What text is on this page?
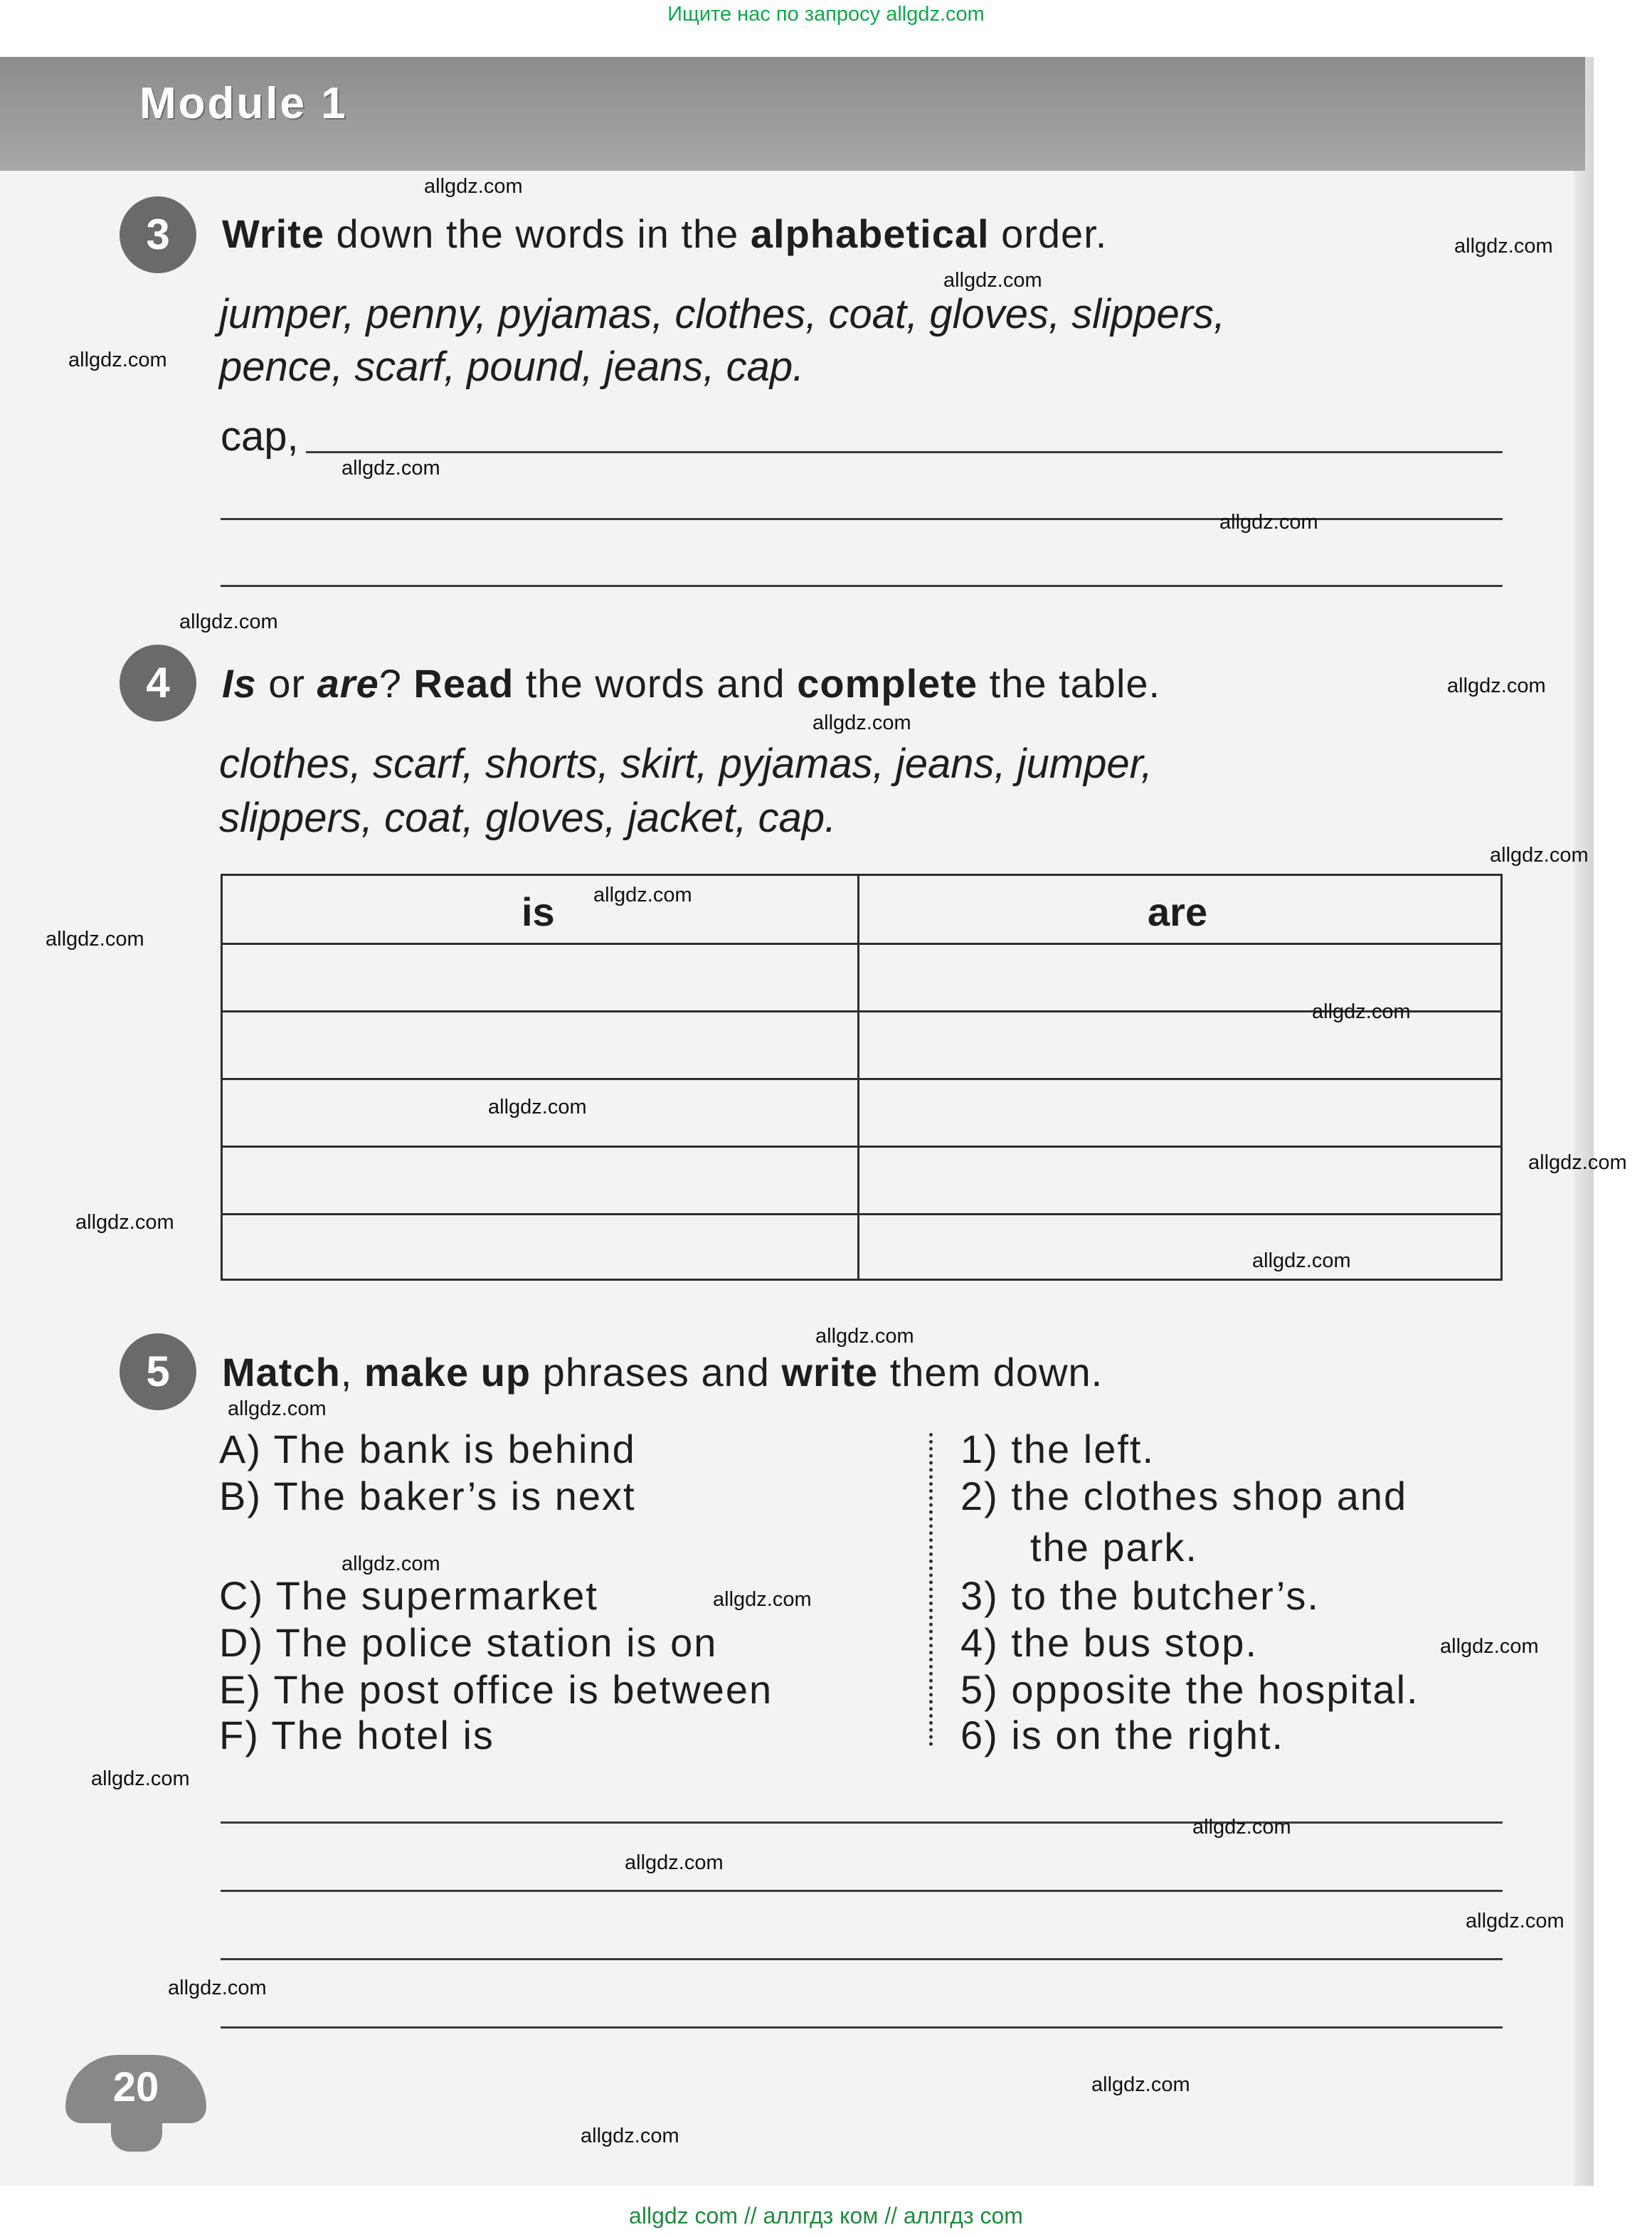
Ищите нас по запросу allgdz.com
Module 1
3	Write down the words in the alphabetical order.
jumper, penny, pyjamas, clothes, coat, gloves, slippers,
pence, scarf, pound, jeans, cap.
cap,
4	Is or are? Read the words and complete the table.
clothes, scarf, shorts, skirt, pyjamas, jeans, jumper,
slippers, coat, gloves, jacket, cap.
is	are
5	Match, make up phrases and write them down.
A) The bank is behind
B) The baker’s is next
C) The supermarket
D) The police station is on
E) The post office is between
F) The hotel is
1) the left.
2) the clothes shop and
the park.
3) to the butcher’s.
4) the bus stop.
5) opposite the hospital.
6) is on the right.
20
allgdz.com
allgdz.com
allgdz.com
allgdz.com
allgdz.com
allgdz.com
allgdz.com
allgdz.com
allgdz.com
allgdz.com
allgdz.com
allgdz.com
allgdz.com
allgdz.com
allgdz.com
allgdz.com
allgdz.com
allgdz.com
allgdz.com
allgdz.com
allgdz.com
allgdz.com
allgdz.com
allgdz.com
allgdz.com
allgdz.com
allgdz.com
allgdz.com
allgdz.com
allgdz com // аллгдз ком // аллгдз com
